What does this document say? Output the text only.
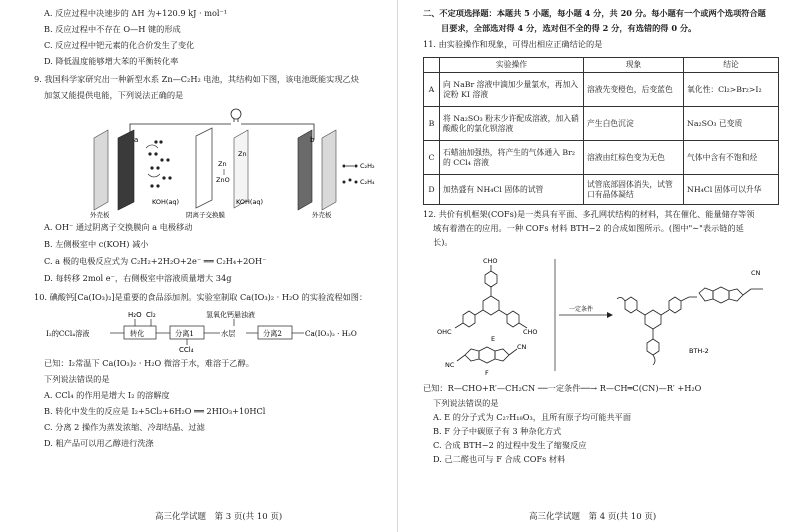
A. 反应过程中决速步的 ΔH 为+120.9 kJ · mol⁻¹
B. 反应过程中不存在 O—H 键的形成
C. 反应过程中钯元素的化合价发生了变化
D. 降低温度能够增大苯的平衡转化率
9. 我国科学家研究出一种新型水系 Zn—C₂H₂ 电池，其结构如下图，该电池既能实现乙炔
加氢又能提供电能，下列说法正确的是
a
KOH(aq)
Zn
ZnO
Zn
KOH(aq)
b
外壳板	阴离子交换膜	外壳板
C₂H₂
C₂H₄
A. OH⁻ 通过阴离子交换膜向 a 电极移动
B. 左侧极室中 c(KOH) 减小
C. a 极的电极反应式为 C₂H₂+2H₂O+2e⁻ ══ C₂H₄+2OH⁻
D. 每转移 2mol e⁻，右侧极室中溶液质量增大 34g
10. 碘酸钙[Ca(IO₃)₂]是重要的食品添加剂。实验室制取 Ca(IO₃)₂ · H₂O 的实验流程如图：
H₂O Cl₂	氢氧化钙悬浊液
I₂的CCl₄溶液	转化	分离1	水层	分离2	Ca(IO₃)₂ · H₂O
CCl₄
已知：I₂常温下 Ca(IO₃)₂ · H₂O 微溶于水，难溶于乙醇。
下列说法错误的是
A. CCl₄ 的作用是增大 I₂ 的溶解度
B. 转化中发生的反应是 I₂+5Cl₂+6H₂O ══ 2HIO₃+10HCl
C. 分离 2 操作为蒸发浓缩、冷却结晶、过滤
D. 粗产品可以用乙醇进行洗涤
高三化学试题　第 3 页(共 10 页)
二、不定项选择题：本题共 5 小题，每小题 4 分，共 20 分。每小题有一个或两个选项符合题
目要求，全部选对得 4 分，选对但不全的得 2 分，有选错的得 0 分。
11. 由实验操作和现象，可得出相应正确结论的是
	实验操作	现象	结论
A	向 NaBr 溶液中滴加少量氯水，再加入淀粉 KI 溶液	溶液先变橙色，后变蓝色	氧化性：Cl₂>Br₂>I₂
B	将 Na₂SO₃ 粉末少许配成溶液，加入硝酸酸化的氯化钡溶液	产生白色沉淀	Na₂SO₃ 已变质
C	石蜡油加强热，将产生的气体通入 Br₂ 的 CCl₄ 溶液	溶液由红棕色变为无色	气体中含有不饱和烃
D	加热盛有 NH₄Cl 固体的试管	试管底部固体消失，试管口有晶体凝结	NH₄Cl 固体可以升华
12. 共价有机框架(COFs)是一类具有平面、多孔网状结构的材料，其在催化、能量储存等领
域有着潜在的应用。一种 COFs 材料 BTH−2 的合成如图所示。(图中"∼"表示链的延
长)。
CHO
OHC	CHO
E
NC
CN
F
一定条件
CN
BTH-2
已知：R—CHO+R′—CH₂CN ──一定条件──→ R—CH═C(CN)—R′ +H₂O
下列说法错误的是
A. E 的分子式为 C₂₇H₁₈O₃，且所有原子均可能共平面
B. F 分子中碳原子有 3 种杂化方式
C. 合成 BTH−2 的过程中发生了缩聚反应
D. 己二醛也可与 F 合成 COFs 材料
高三化学试题　第 4 页(共 10 页)
